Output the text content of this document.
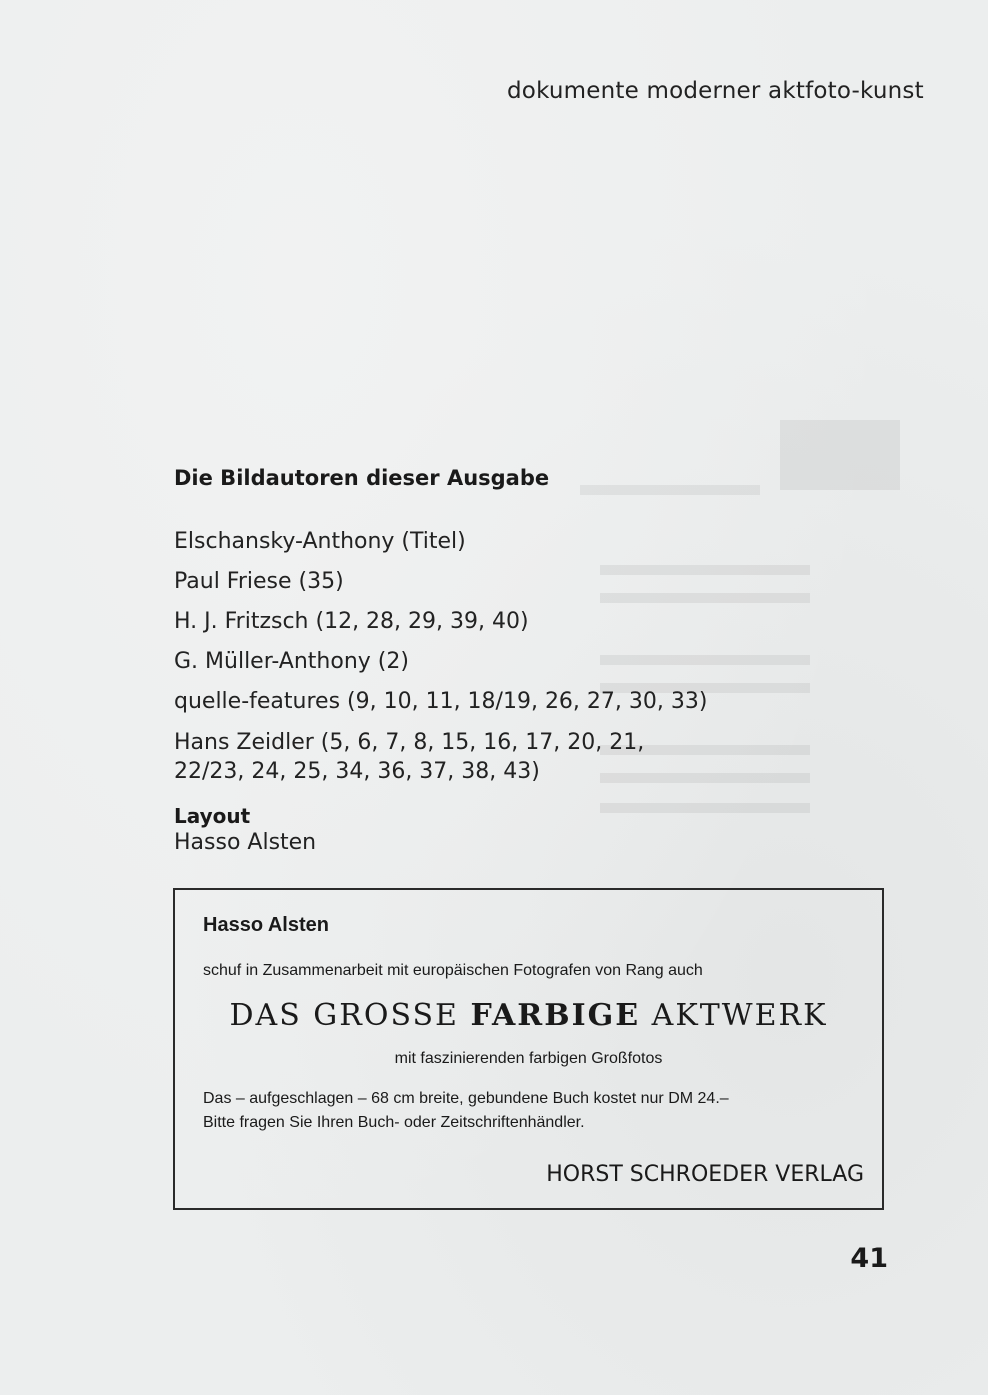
dokumente moderner aktfoto-kunst
Die Bildautoren dieser Ausgabe
Elschansky-Anthony (Titel)
Paul Friese (35)
H. J. Fritzsch (12, 28, 29, 39, 40)
G. Müller-Anthony (2)
quelle-features (9, 10, 11, 18/19, 26, 27, 30, 33)
Hans Zeidler (5, 6, 7, 8, 15, 16, 17, 20, 21, 22/23, 24, 25, 34, 36, 37, 38, 43)
Layout
Hasso Alsten
Hasso Alsten
schuf in Zusammenarbeit mit europäischen Fotografen von Rang auch
DAS GROSSE FARBIGE AKTWERK
mit faszinierenden farbigen Großfotos
Das – aufgeschlagen – 68 cm breite, gebundene Buch kostet nur DM 24.–
Bitte fragen Sie Ihren Buch- oder Zeitschriftenhändler.
HORST SCHROEDER VERLAG
41
